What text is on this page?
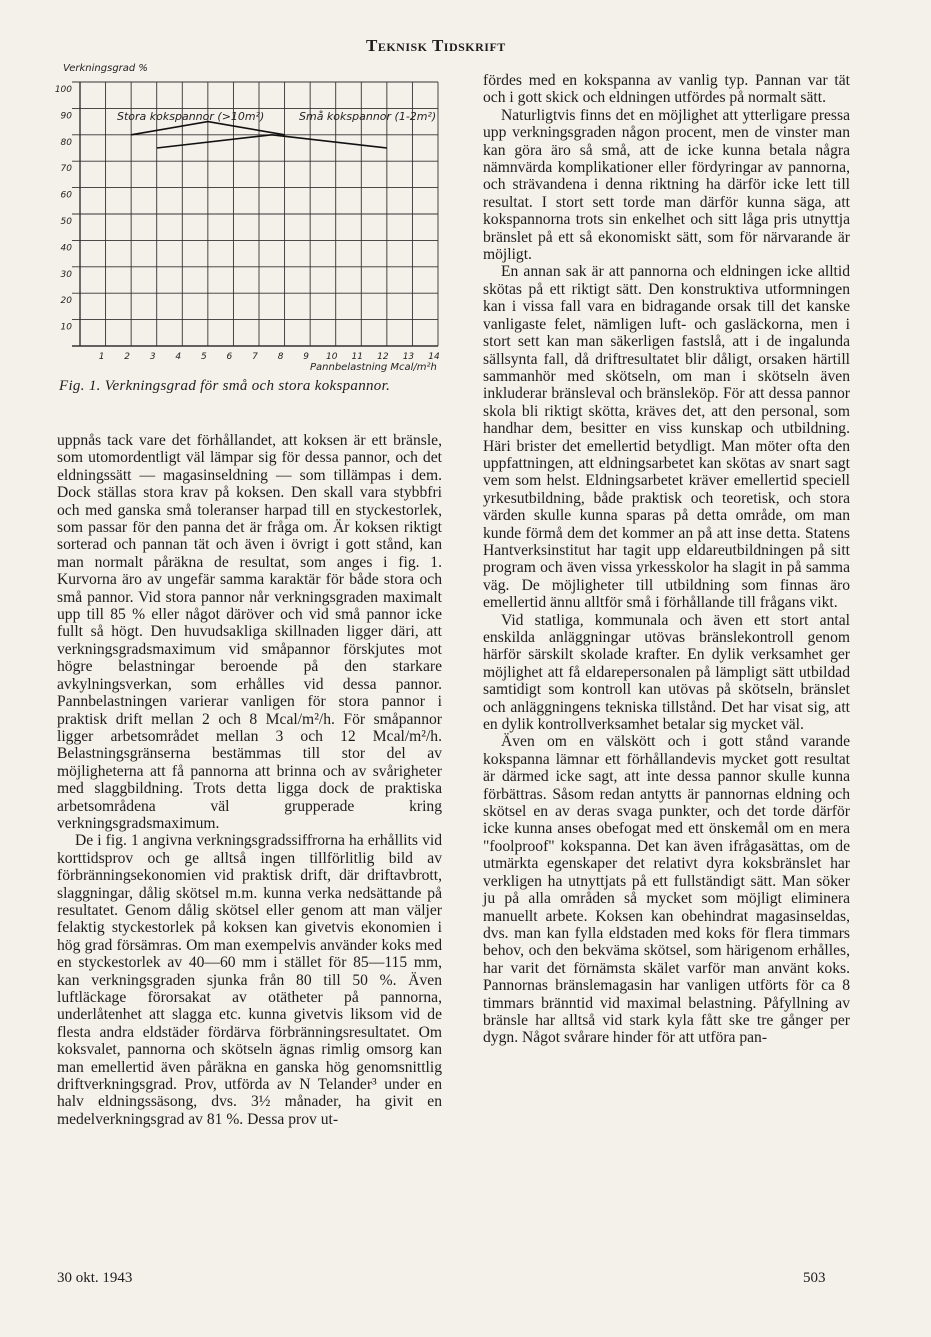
Teknisk Tidskrift
100
90
80
70
60
50
40
30
20
10
1 2 3 4 5 6 7 8 9 10 11 12 13 14
Verkningsgrad %
Pannbelastning Mcal/m²h
Stora kokspannor (>10m²)	Små kokspannor (1-2m²)
Fig. 1. Verkningsgrad för små och stora kokspannor.

uppnås tack vare det förhållandet, att koksen är ett bränsle, som utomordentligt väl lämpar sig för dessa pannor, och det eldningssätt — magasinseldning — som tillämpas i dem. Dock ställas stora krav på koksen. Den skall vara stybbfri och med ganska små toleranser harpad till en styckestorlek, som passar för den panna det är fråga om. Är koksen riktigt sorterad och pannan tät och även i övrigt i gott stånd, kan man normalt påräkna de resultat, som anges i fig. 1. Kurvorna äro av ungefär samma karaktär för både stora och små pannor. Vid stora pannor når verkningsgraden maximalt upp till 85 % eller något däröver och vid små pannor icke fullt så högt. Den huvudsakliga skillnaden ligger däri, att verkningsgradsmaximum vid småpannor förskjutes mot högre belastningar beroende på den starkare avkylningsverkan, som erhålles vid dessa pannor. Pannbelastningen varierar vanligen för stora pannor i praktisk drift mellan 2 och 8 Mcal/m²/h. För småpannor ligger arbetsområdet mellan 3 och 12 Mcal/m²/h. Belastningsgränserna bestämmas till stor del av möjligheterna att få pannorna att brinna och av svårigheter med slaggbildning. Trots detta ligga dock de praktiska arbetsområdena väl grupperade kring verkningsgradsmaximum.

De i fig. 1 angivna verkningsgradssiffrorna ha erhållits vid korttidsprov och ge alltså ingen tillförlitlig bild av förbränningsekonomien vid praktisk drift, där driftavbrott, slaggningar, dålig skötsel m.m. kunna verka nedsättande på resultatet. Genom dålig skötsel eller genom att man väljer felaktig styckestorlek på koksen kan givetvis ekonomien i hög grad försämras. Om man exempelvis använder koks med en styckestorlek av 40—60 mm i stället för 85—115 mm, kan verkningsgraden sjunka från 80 till 50 %. Även luftläckage förorsakat av otätheter på pannorna, underlåtenhet att slagga etc. kunna givetvis liksom vid de flesta andra eldstäder fördärva förbränningsresultatet. Om koksvalet, pannorna och skötseln ägnas rimlig omsorg kan man emellertid även påräkna en ganska hög genomsnittlig driftverkningsgrad. Prov, utförda av N Telander³ under en halv eldningssäsong, dvs. 3½ månader, ha givit en medelverkningsgrad av 81 %. Dessa prov ut-

fördes med en kokspanna av vanlig typ. Pannan var tät och i gott skick och eldningen utfördes på normalt sätt.

Naturligtvis finns det en möjlighet att ytterligare pressa upp verkningsgraden någon procent, men de vinster man kan göra äro så små, att de icke kunna betala några nämnvärda komplikationer eller fördyringar av pannorna, och strävandena i denna riktning ha därför icke lett till resultat. I stort sett torde man därför kunna säga, att kokspannorna trots sin enkelhet och sitt låga pris utnyttja bränslet på ett så ekonomiskt sätt, som för närvarande är möjligt.

En annan sak är att pannorna och eldningen icke alltid skötas på ett riktigt sätt. Den konstruktiva utformningen kan i vissa fall vara en bidragande orsak till det kanske vanligaste felet, nämligen luft- och gasläckorna, men i stort sett kan man säkerligen fastslå, att i de ingalunda sällsynta fall, då driftresultatet blir dåligt, orsaken härtill sammanhör med skötseln, om man i skötseln även inkluderar bränsleval och bränsleköp. För att dessa pannor skola bli riktigt skötta, kräves det, att den personal, som handhar dem, besitter en viss kunskap och utbildning. Häri brister det emellertid betydligt. Man möter ofta den uppfattningen, att eldningsarbetet kan skötas av snart sagt vem som helst. Eldningsarbetet kräver emellertid speciell yrkesutbildning, både praktisk och teoretisk, och stora värden skulle kunna sparas på detta område, om man kunde förmå dem det kommer an på att inse detta. Statens Hantverksinstitut har tagit upp eldareutbildningen på sitt program och även vissa yrkesskolor ha slagit in på samma väg. De möjligheter till utbildning som finnas äro emellertid ännu alltför små i förhållande till frågans vikt.

Vid statliga, kommunala och även ett stort antal enskilda anläggningar utövas bränslekontroll genom härför särskilt skolade krafter. En dylik verksamhet ger möjlighet att få eldarepersonalen på lämpligt sätt utbildad samtidigt som kontroll kan utövas på skötseln, bränslet och anläggningens tekniska tillstånd. Det har visat sig, att en dylik kontrollverksamhet betalar sig mycket väl.

Även om en välskött och i gott stånd varande kokspanna lämnar ett förhållandevis mycket gott resultat är därmed icke sagt, att inte dessa pannor skulle kunna förbättras. Såsom redan antytts är pannornas eldning och skötsel en av deras svaga punkter, och det torde därför icke kunna anses obefogat med ett önskemål om en mera "foolproof" kokspanna. Det kan även ifrågasättas, om de utmärkta egenskaper det relativt dyra koksbränslet har verkligen ha utnyttjats på ett fullständigt sätt. Man söker ju på alla områden så mycket som möjligt eliminera manuellt arbete. Koksen kan obehindrat magasinseldas, dvs. man kan fylla eldstaden med koks för flera timmars behov, och den bekväma skötsel, som härigenom erhålles, har varit det förnämsta skälet varför man använt koks. Pannornas bränslemagasin har vanligen utförts för ca 8 timmars bränntid vid maximal belastning. Påfyllning av bränsle har alltså vid stark kyla fått ske tre gånger per dygn. Något svårare hinder för att utföra pan-

30 okt. 1943	503
